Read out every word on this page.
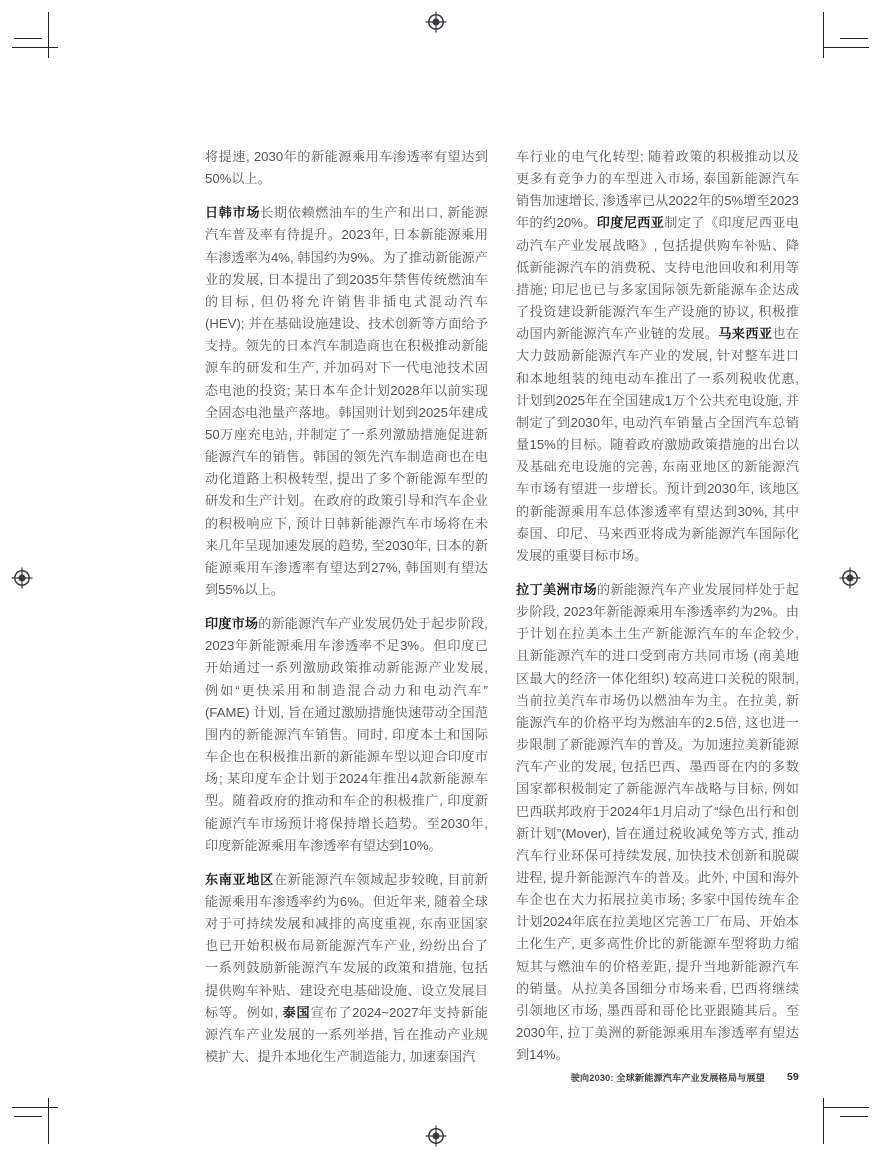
将提速, 2030年的新能源乘用车渗透率有望达到50%以上。

日韩市场长期依赖燃油车的生产和出口, 新能源汽车普及率有待提升。2023年, 日本新能源乘用车渗透率为4%, 韩国约为9%。为了推动新能源产业的发展, 日本提出了到2035年禁售传统燃油车的目标, 但仍将允许销售非插电式混动汽车 (HEV); 并在基础设施建设、技术创新等方面给予支持。领先的日本汽车制造商也在积极推动新能源车的研发和生产, 并加码对下一代电池技术固态电池的投资; 某日本车企计划2028年以前实现全固态电池量产落地。韩国则计划到2025年建成50万座充电站, 并制定了一系列激励措施促进新能源汽车的销售。韩国的领先汽车制造商也在电动化道路上积极转型, 提出了多个新能源车型的研发和生产计划。在政府的政策引导和汽车企业的积极响应下, 预计日韩新能源汽车市场将在未来几年呈现加速发展的趋势, 至2030年, 日本的新能源乘用车渗透率有望达到27%, 韩国则有望达到55%以上。

印度市场的新能源汽车产业发展仍处于起步阶段, 2023年新能源乘用车渗透率不足3%。但印度已开始通过一系列激励政策推动新能源产业发展, 例如“更快采用和制造混合动力和电动汽车”(FAME) 计划, 旨在通过激励措施快速带动全国范围内的新能源汽车销售。同时, 印度本土和国际车企也在积极推出新的新能源车型以迎合印度市场; 某印度车企计划于2024年推出4款新能源车型。随着政府的推动和车企的积极推广, 印度新能源汽车市场预计将保持增长趋势。至2030年, 印度新能源乘用车渗透率有望达到10%。

东南亚地区在新能源汽车领域起步较晚, 目前新能源乘用车渗透率约为6%。但近年来, 随着全球对于可持续发展和减排的高度重视, 东南亚国家也已开始积极布局新能源汽车产业, 纷纷出台了一系列鼓励新能源汽车发展的政策和措施, 包括提供购车补贴、建设充电基础设施、设立发展目标等。例如, 泰国宣布了2024~2027年支持新能源汽车产业发展的一系列举措, 旨在推动产业规模扩大、提升本地化生产制造能力, 加速泰国汽

车行业的电气化转型; 随着政策的积极推动以及更多有竞争力的车型进入市场, 泰国新能源汽车销售加速增长, 渗透率已从2022年的5%增至2023年的约20%。印度尼西亚制定了《印度尼西亚电动汽车产业发展战略》, 包括提供购车补贴、降低新能源汽车的消费税、支持电池回收和利用等措施; 印尼也已与多家国际领先新能源车企达成了投资建设新能源汽车生产设施的协议, 积极推动国内新能源汽车产业链的发展。马来西亚也在大力鼓励新能源汽车产业的发展, 针对整车进口和本地组装的纯电动车推出了一系列税收优惠, 计划到2025年在全国建成1万个公共充电设施, 并制定了到2030年, 电动汽车销量占全国汽车总销量15%的目标。随着政府激励政策措施的出台以及基础充电设施的完善, 东南亚地区的新能源汽车市场有望进一步增长。预计到2030年, 该地区的新能源乘用车总体渗透率有望达到30%, 其中泰国、印尼、马来西亚将成为新能源汽车国际化发展的重要目标市场。

拉丁美洲市场的新能源汽车产业发展同样处于起步阶段, 2023年新能源乘用车渗透率约为2%。由于计划在拉美本土生产新能源汽车的车企较少, 且新能源汽车的进口受到南方共同市场 (南美地区最大的经济一体化组织) 较高进口关税的限制, 当前拉美汽车市场仍以燃油车为主。在拉美, 新能源汽车的价格平均为燃油车的2.5倍, 这也进一步限制了新能源汽车的普及。为加速拉美新能源汽车产业的发展, 包括巴西、墨西哥在内的多数国家都积极制定了新能源汽车战略与目标, 例如巴西联邦政府于2024年1月启动了“绿色出行和创新计划”(Mover), 旨在通过税收减免等方式, 推动汽车行业环保可持续发展, 加快技术创新和脱碳进程, 提升新能源汽车的普及。此外, 中国和海外车企也在大力拓展拉美市场; 多家中国传统车企计划2024年底在拉美地区完善工厂布局、开始本土化生产, 更多高性价比的新能源车型将助力缩短其与燃油车的价格差距, 提升当地新能源汽车的销量。从拉美各国细分市场来看, 巴西将继续引领地区市场, 墨西哥和哥伦比亚跟随其后。至2030年, 拉丁美洲的新能源乘用车渗透率有望达到14%。

驶向2030: 全球新能源汽车产业发展格局与展望 59
